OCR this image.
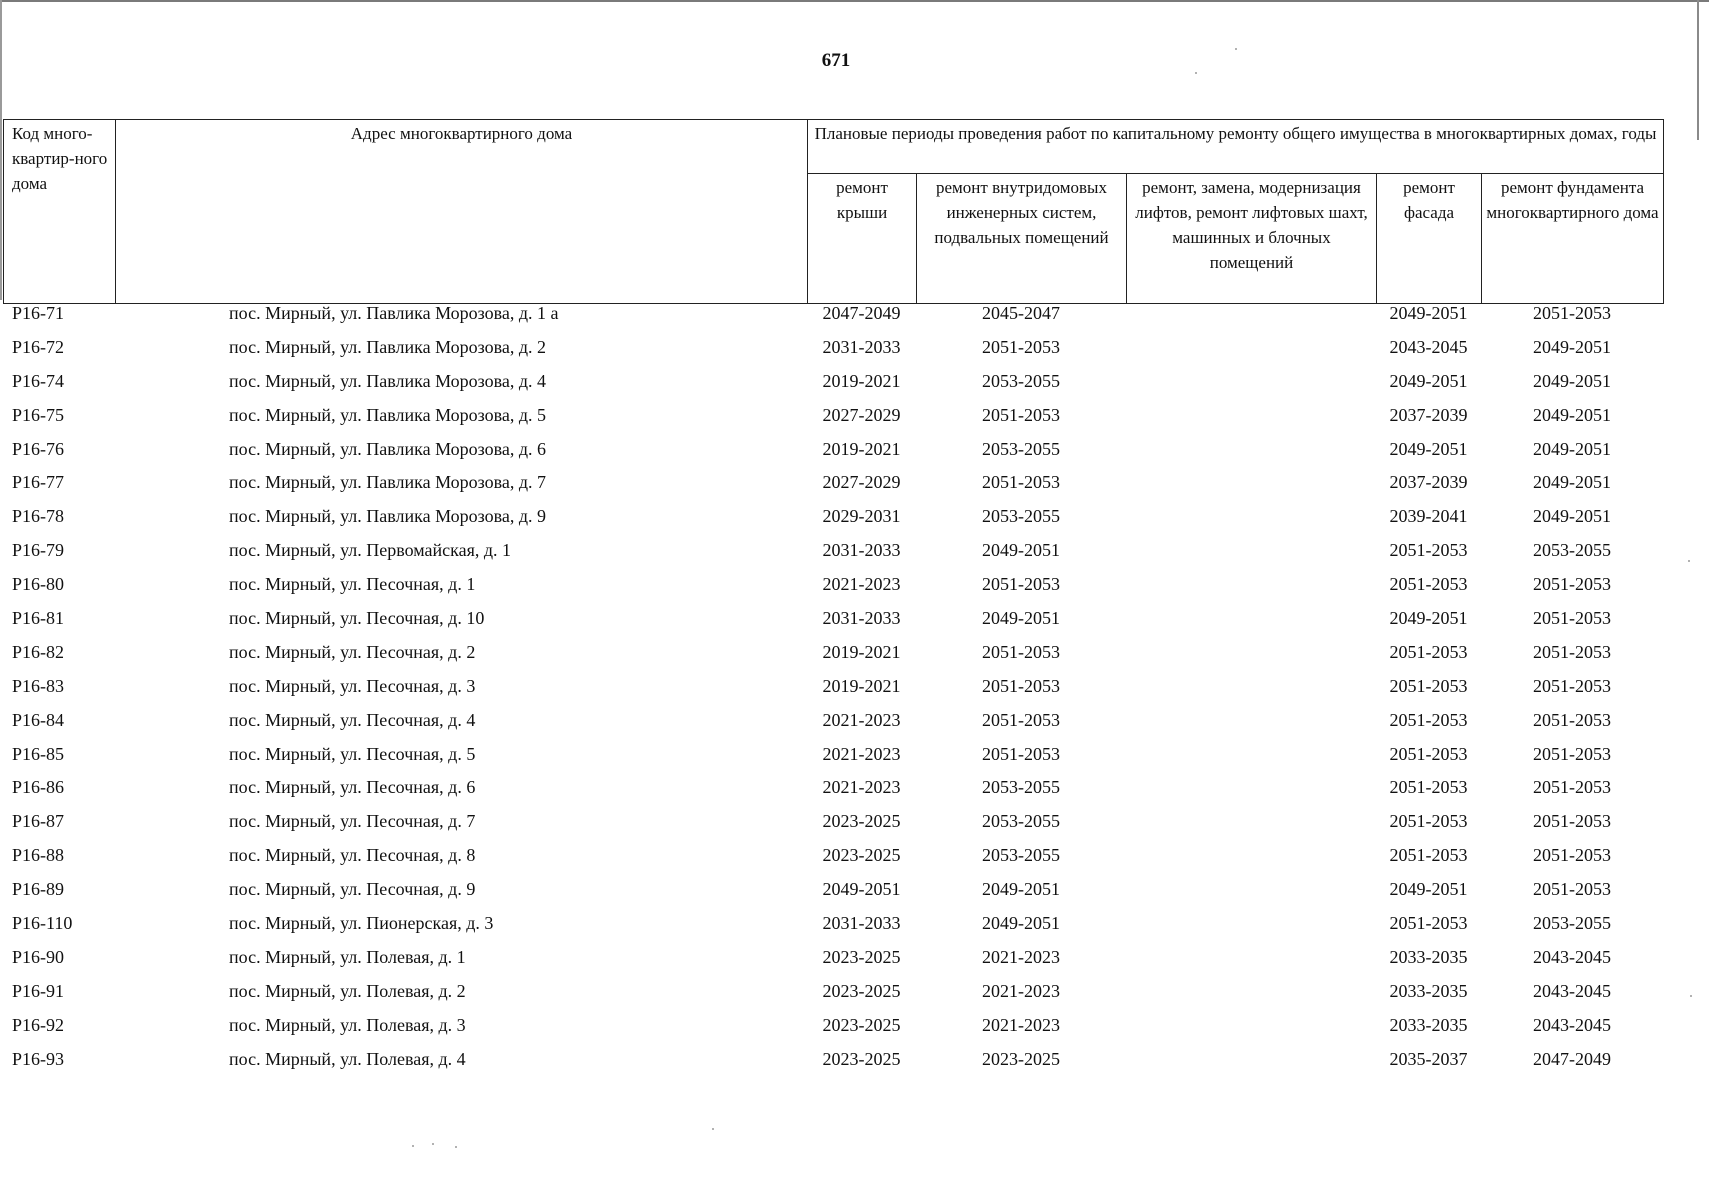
671
Код много-квартир-ного дома	Адрес многоквартирного дома	Плановые периоды проведения работ по капитальному ремонту общего имущества в многоквартирных домах, годы				
		ремонт крыши	ремонт внутридомовых инженерных систем, подвальных помещений	ремонт, замена, модернизация лифтов, ремонт лифтовых шахт, машинных и блочных помещений	ремонт фасада	ремонт фундамента многоквартирного дома
P16-71	пос. Мирный, ул. Павлика Морозова, д. 1 а	2047-2049	2045-2047		2049-2051	2051-2053
P16-72	пос. Мирный, ул. Павлика Морозова, д. 2	2031-2033	2051-2053		2043-2045	2049-2051
P16-74	пос. Мирный, ул. Павлика Морозова, д. 4	2019-2021	2053-2055		2049-2051	2049-2051
P16-75	пос. Мирный, ул. Павлика Морозова, д. 5	2027-2029	2051-2053		2037-2039	2049-2051
P16-76	пос. Мирный, ул. Павлика Морозова, д. 6	2019-2021	2053-2055		2049-2051	2049-2051
P16-77	пос. Мирный, ул. Павлика Морозова, д. 7	2027-2029	2051-2053		2037-2039	2049-2051
P16-78	пос. Мирный, ул. Павлика Морозова, д. 9	2029-2031	2053-2055		2039-2041	2049-2051
P16-79	пос. Мирный, ул. Первомайская, д. 1	2031-2033	2049-2051		2051-2053	2053-2055
P16-80	пос. Мирный, ул. Песочная, д. 1	2021-2023	2051-2053		2051-2053	2051-2053
P16-81	пос. Мирный, ул. Песочная, д. 10	2031-2033	2049-2051		2049-2051	2051-2053
P16-82	пос. Мирный, ул. Песочная, д. 2	2019-2021	2051-2053		2051-2053	2051-2053
P16-83	пос. Мирный, ул. Песочная, д. 3	2019-2021	2051-2053		2051-2053	2051-2053
P16-84	пос. Мирный, ул. Песочная, д. 4	2021-2023	2051-2053		2051-2053	2051-2053
P16-85	пос. Мирный, ул. Песочная, д. 5	2021-2023	2051-2053		2051-2053	2051-2053
P16-86	пос. Мирный, ул. Песочная, д. 6	2021-2023	2053-2055		2051-2053	2051-2053
P16-87	пос. Мирный, ул. Песочная, д. 7	2023-2025	2053-2055		2051-2053	2051-2053
P16-88	пос. Мирный, ул. Песочная, д. 8	2023-2025	2053-2055		2051-2053	2051-2053
P16-89	пос. Мирный, ул. Песочная, д. 9	2049-2051	2049-2051		2049-2051	2051-2053
P16-110	пос. Мирный, ул. Пионерская, д. 3	2031-2033	2049-2051		2051-2053	2053-2055
P16-90	пос. Мирный, ул. Полевая, д. 1	2023-2025	2021-2023		2033-2035	2043-2045
P16-91	пос. Мирный, ул. Полевая, д. 2	2023-2025	2021-2023		2033-2035	2043-2045
P16-92	пос. Мирный, ул. Полевая, д. 3	2023-2025	2021-2023		2033-2035	2043-2045
P16-93	пос. Мирный, ул. Полевая, д. 4	2023-2025	2023-2025		2035-2037	2047-2049
